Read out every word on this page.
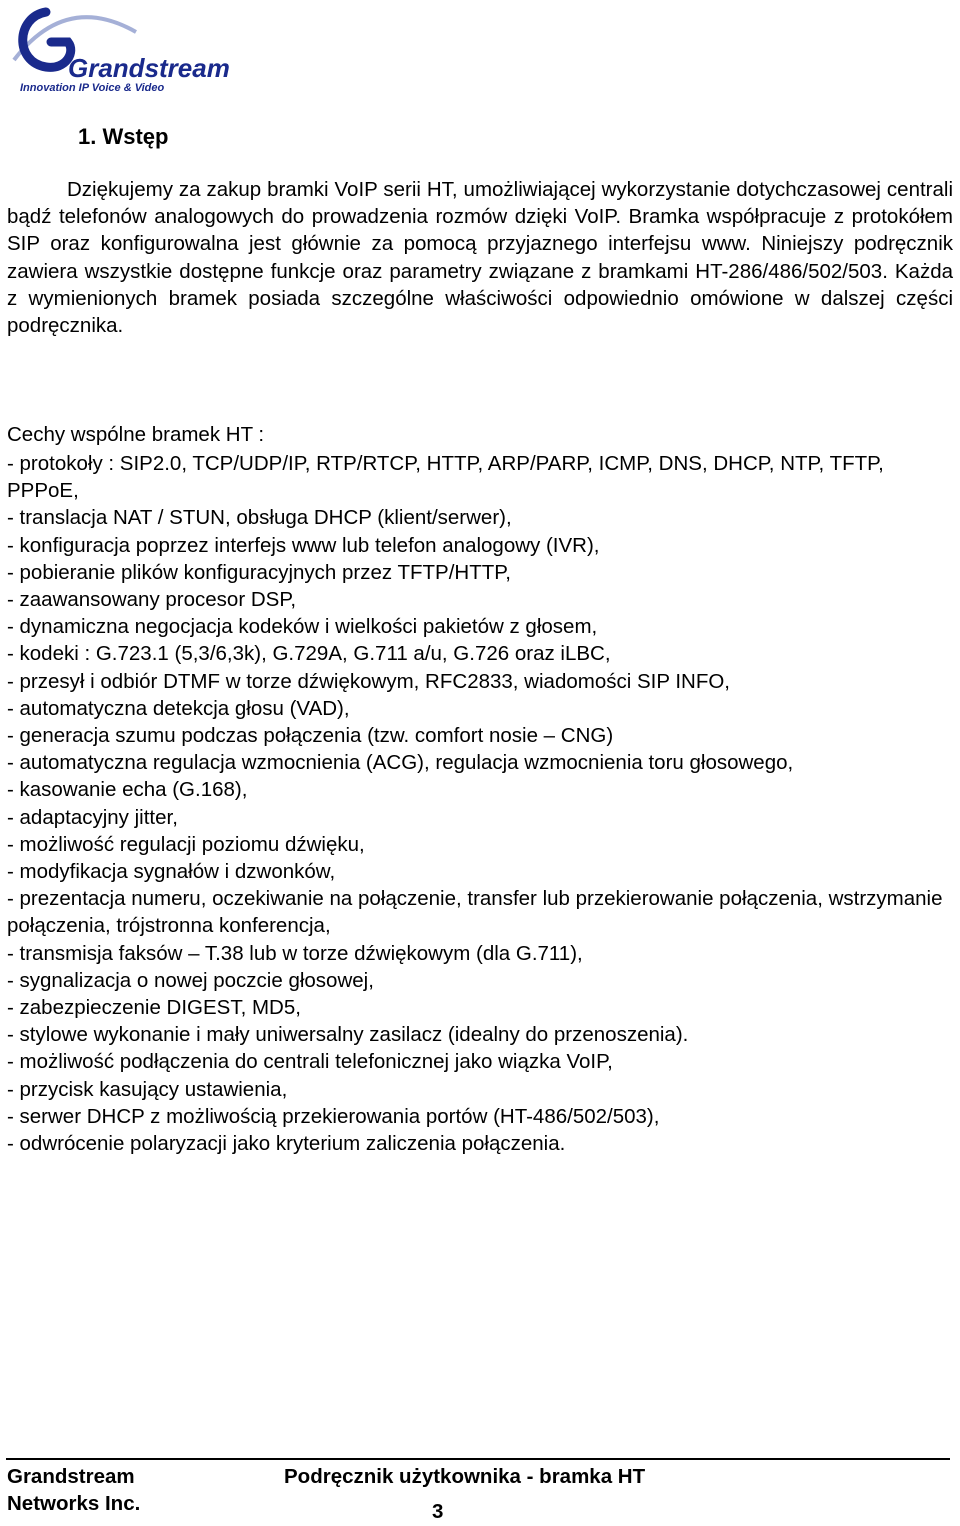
Grandstream
Innovation IP Voice & Video
1. Wstęp

Dziękujemy za zakup bramki VoIP serii HT, umożliwiającej wykorzystanie dotychczasowej centrali bądź telefonów analogowych do prowadzenia rozmów dzięki VoIP. Bramka współpracuje z protokółem SIP oraz konfigurowalna jest głównie za pomocą przyjaznego interfejsu www. Niniejszy podręcznik zawiera wszystkie dostępne funkcje oraz parametry związane z bramkami HT-286/486/502/503. Każda z wymienionych bramek posiada szczególne właściwości odpowiednio omówione w dalszej części podręcznika.

Cechy wspólne bramek HT :
- protokoły : SIP2.0, TCP/UDP/IP, RTP/RTCP, HTTP, ARP/PARP, ICMP, DNS, DHCP, NTP, TFTP, PPPoE,
- translacja NAT / STUN, obsługa DHCP (klient/serwer),
- konfiguracja poprzez interfejs www lub telefon analogowy (IVR),
- pobieranie plików konfiguracyjnych przez TFTP/HTTP,
- zaawansowany procesor DSP,
- dynamiczna negocjacja kodeków i wielkości pakietów z głosem,
- kodeki : G.723.1 (5,3/6,3k), G.729A, G.711 a/u, G.726 oraz iLBC,
- przesył i odbiór DTMF w torze dźwiękowym, RFC2833, wiadomości SIP INFO,
- automatyczna detekcja głosu (VAD),
- generacja szumu podczas połączenia (tzw. comfort nosie – CNG)
- automatyczna regulacja wzmocnienia (ACG), regulacja wzmocnienia toru głosowego,
- kasowanie echa (G.168),
- adaptacyjny jitter,
- możliwość regulacji poziomu dźwięku,
- modyfikacja sygnałów i dzwonków,
- prezentacja numeru, oczekiwanie na połączenie, transfer lub przekierowanie połączenia, wstrzymanie połączenia, trójstronna konferencja,
- transmisja faksów – T.38 lub w torze dźwiękowym (dla G.711),
- sygnalizacja o nowej poczcie głosowej,
- zabezpieczenie DIGEST, MD5,
- stylowe wykonanie i mały uniwersalny zasilacz (idealny do przenoszenia).
- możliwość podłączenia do centrali telefonicznej jako wiązka VoIP,
- przycisk kasujący ustawienia,
- serwer DHCP z możliwością przekierowania portów (HT-486/502/503),
- odwrócenie polaryzacji jako kryterium zaliczenia połączenia.
Grandstream
Networks Inc.
Podręcznik użytkownika - bramka HT
3
